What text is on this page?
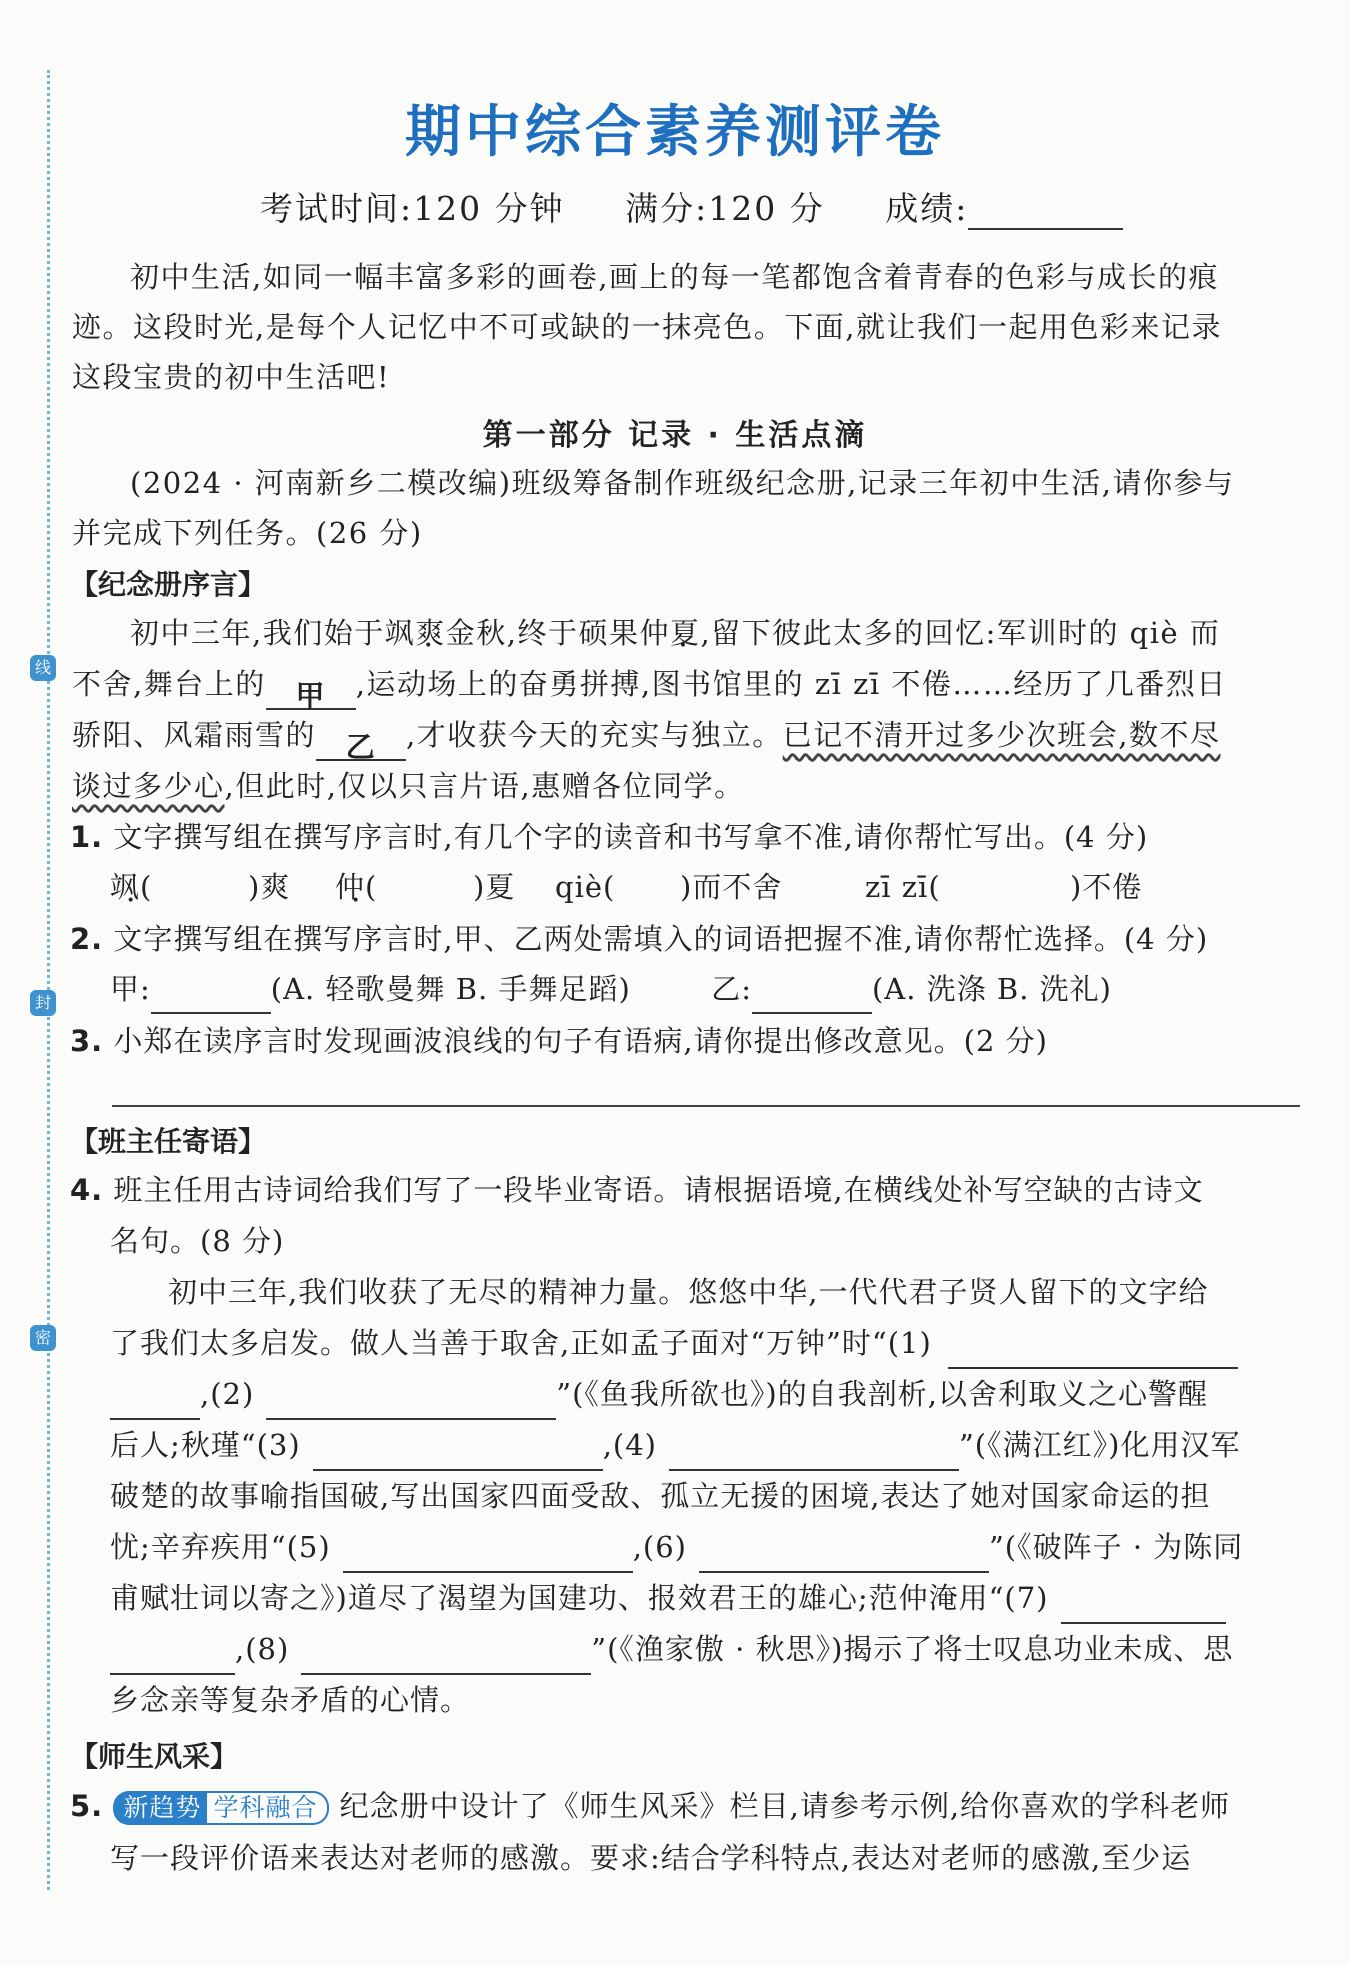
线
封
密
期中综合素养测评卷
考试时间:120 分钟 满分:120 分 成绩:
初中生活,如同一幅丰富多彩的画卷,画上的每一笔都饱含着青春的色彩与成长的痕
迹。这段时光,是每个人记忆中不可或缺的一抹亮色。下面,就让我们一起用色彩来记录
这段宝贵的初中生活吧!
第一部分 记录 · 生活点滴
(2024 · 河南新乡二模改编)班级筹备制作班级纪念册,记录三年初中生活,请你参与
并完成下列任务。(26 分)
【纪念册序言】
初中三年,我们始于飒爽金秋,终于硕果仲夏,留下彼此太多的回忆:军训时的 qiè 而
不舍,舞台上的 甲 ,运动场上的奋勇拼搏,图书馆里的 zī zī 不倦……经历了几番烈日
骄阳、风霜雨雪的 乙 ,才收获今天的充实与独立。已记不清开过多少次班会,数不尽
谈过多少心,但此时,仅以只言片语,惠赠各位同学。
1. 文字撰写组在撰写序言时,有几个字的读音和书写拿不准,请你帮忙写出。(4 分)
飒( •	)爽 仲( •	)夏 qiè( )而不舍	zī zī(	)不倦
2. 文字撰写组在撰写序言时,甲、乙两处需填入的词语把握不准,请你帮忙选择。(4 分)
甲:	(A. 轻歌曼舞 B. 手舞足蹈)	乙:	(A. 洗涤 B. 洗礼)
3. 小郑在读序言时发现画波浪线的句子有语病,请你提出修改意见。(2 分)
【班主任寄语】
4. 班主任用古诗词给我们写了一段毕业寄语。请根据语境,在横线处补写空缺的古诗文
名句。(8 分)
初中三年,我们收获了无尽的精神力量。悠悠中华,一代代君子贤人留下的文字给
了我们太多启发。做人当善于取舍,正如孟子面对“万钟”时“(1)
,(2)	”(《鱼我所欲也》)的自我剖析,以舍利取义之心警醒
后人;秋瑾“(3)	,(4)	”(《满江红》)化用汉军
破楚的故事喻指国破,写出国家四面受敌、孤立无援的困境,表达了她对国家命运的担
忧;辛弃疾用“(5)	,(6)	”(《破阵子 · 为陈同
甫赋壮词以寄之》)道尽了渴望为国建功、报效君王的雄心;范仲淹用“(7)
,(8)	”(《渔家傲 · 秋思》)揭示了将士叹息功业未成、思
乡念亲等复杂矛盾的心情。
【师生风采】
5. 新趋势 学科融合 纪念册中设计了《师生风采》栏目,请参考示例,给你喜欢的学科老师
写一段评价语来表达对老师的感激。要求:结合学科特点,表达对老师的感激,至少运
